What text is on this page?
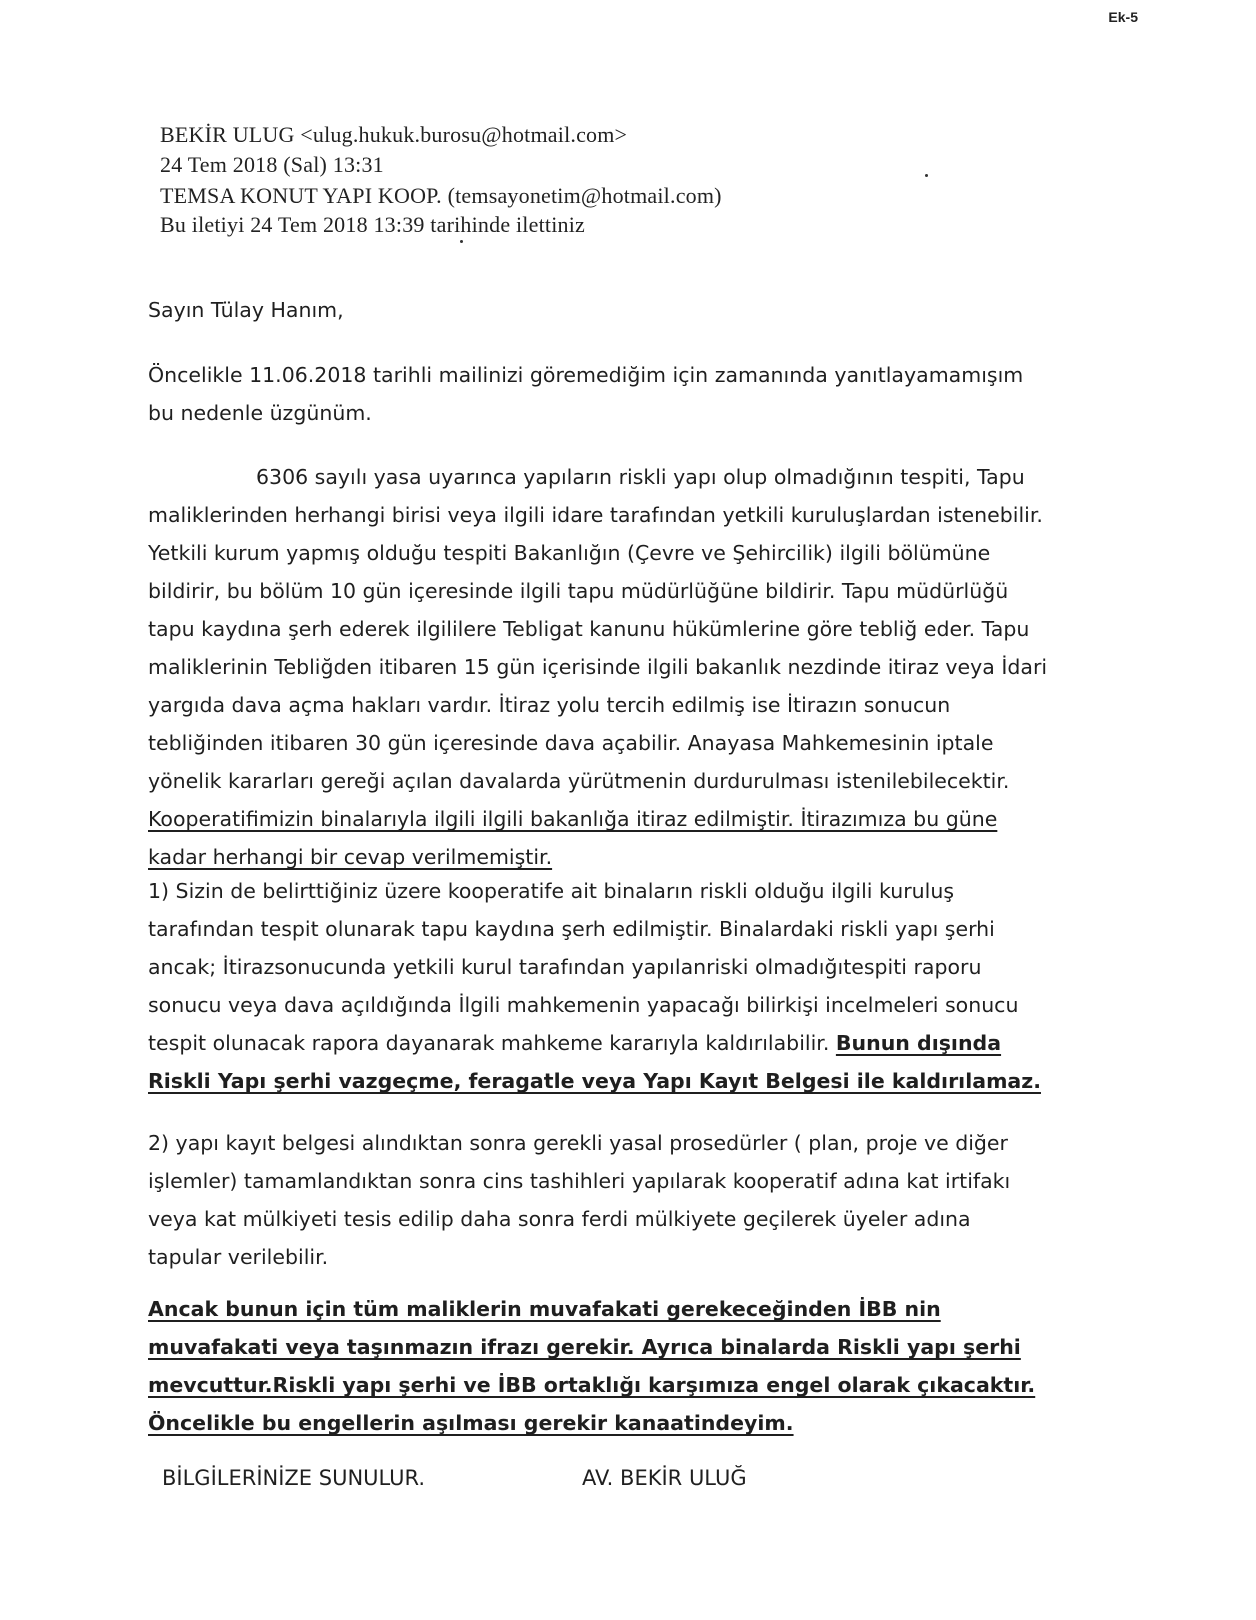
Ek-5
BEKİR ULUG <ulug.hukuk.burosu@hotmail.com>
24 Tem 2018 (Sal) 13:31
TEMSA KONUT YAPI KOOP. (temsayonetim@hotmail.com)
Bu iletiyi 24 Tem 2018 13:39 tarihinde ilettiniz
Sayın Tülay Hanım,
Öncelikle 11.06.2018 tarihli mailinizi göremediğim için zamanında yanıtlayamamışım bu nedenle üzgünüm.
6306 sayılı yasa uyarınca yapıların riskli yapı olup olmadığının tespiti, Tapu maliklerinden herhangi birisi veya ilgili idare tarafından yetkili kuruluşlardan istenebilir. Yetkili kurum yapmış olduğu tespiti Bakanlığın (Çevre ve Şehircilik) ilgili bölümüne bildirir, bu bölüm 10 gün içeresinde ilgili tapu müdürlüğüne bildirir. Tapu müdürlüğü tapu kaydına şerh ederek ilgililere Tebligat kanunu hükümlerine göre tebliğ eder. Tapu maliklerinin Tebliğden itibaren 15 gün içerisinde ilgili bakanlık nezdinde itiraz veya İdari yargıda dava açma hakları vardır. İtiraz yolu tercih edilmiş ise İtirazın sonucun tebliğinden itibaren 30 gün içeresinde dava açabilir. Anayasa Mahkemesinin iptale yönelik kararları gereği açılan davalarda yürütmenin durdurulması istenilebilecektir. Kooperatifimizin binalarıyla ilgili ilgili bakanlığa itiraz edilmiştir. İtirazımıza bu güne kadar herhangi bir cevap verilmemiştir.
1) Sizin de belirttiğiniz üzere kooperatife ait binaların riskli olduğu ilgili kuruluş tarafından tespit olunarak tapu kaydına şerh edilmiştir. Binalardaki riskli yapı şerhi ancak; İtirazsonucunda yetkili kurul tarafından yapılanriski olmadığıtespiti raporu sonucu veya dava açıldığında İlgili mahkemenin yapacağı bilirkişi incelmeleri sonucu tespit olunacak rapora dayanarak mahkeme kararıyla kaldırılabilir. Bunun dışında Riskli Yapı şerhi vazgeçme, feragatle veya Yapı Kayıt Belgesi ile kaldırılamaz.
2) yapı kayıt belgesi alındıktan sonra gerekli yasal prosedürler ( plan, proje ve diğer işlemler) tamamlandıktan sonra cins tashihleri yapılarak kooperatif adına kat irtifakı veya kat mülkiyeti tesis edilip daha sonra ferdi mülkiyete geçilerek üyeler adına tapular verilebilir.
Ancak bunun için tüm maliklerin muvafakati gerekeceğinden İBB nin muvafakati veya taşınmazın ifrazı gerekir. Ayrıca binalarda Riskli yapı şerhi mevcuttur.Riskli yapı şerhi ve İBB ortaklığı karşımıza engel olarak çıkacaktır. Öncelikle bu engellerin aşılması gerekir kanaatindeyim.
BİLGİLERİNİZE SUNULUR.	AV. BEKİR ULUĞ
